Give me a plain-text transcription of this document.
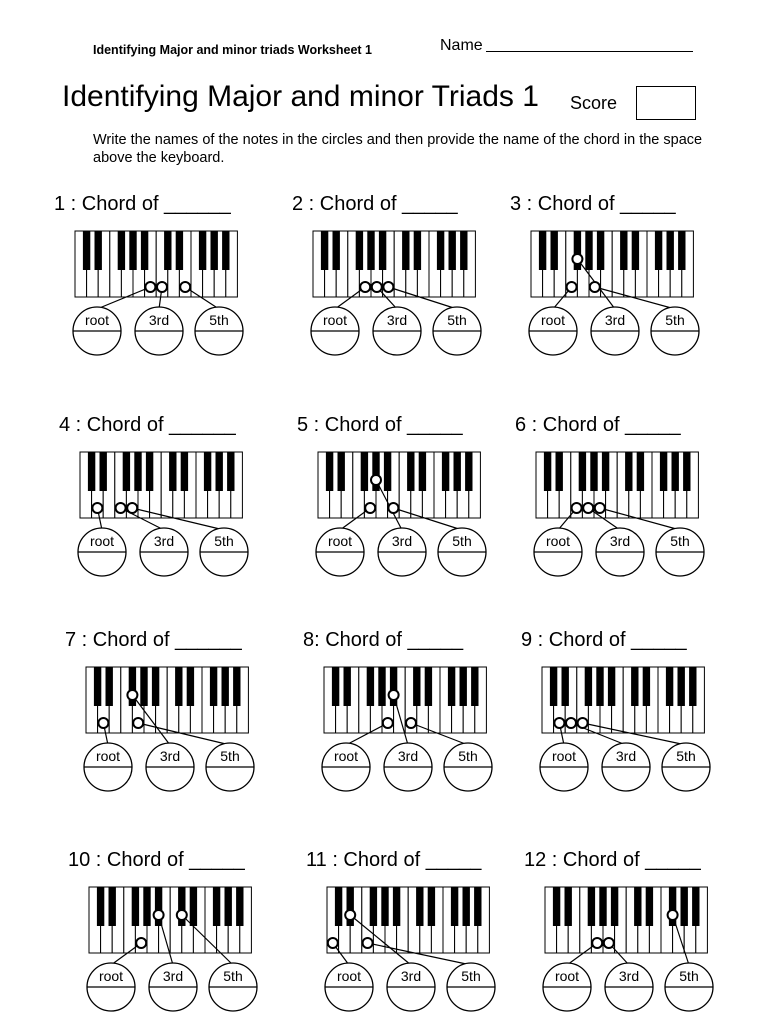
Identifying Major and minor triads Worksheet 1	Name
Identifying Major and minor Triads 1 Score
Write the names of the notes in the circles and then provide the name of the chord in the space above the keyboard.
1 : Chord of ______
root	3rd	5th
2 : Chord of _____
root	3rd	5th
3 : Chord of _____
root	3rd	5th
4 : Chord of ______
root	3rd	5th
5 : Chord of _____
root	3rd	5th
6 : Chord of _____
root	3rd	5th
7 : Chord of ______
root	3rd	5th
8: Chord of _____
root	3rd	5th
9 : Chord of _____
root	3rd	5th
10 : Chord of _____
root	3rd	5th
11 : Chord of _____
root	3rd	5th
12 : Chord of _____
root	3rd	5th
